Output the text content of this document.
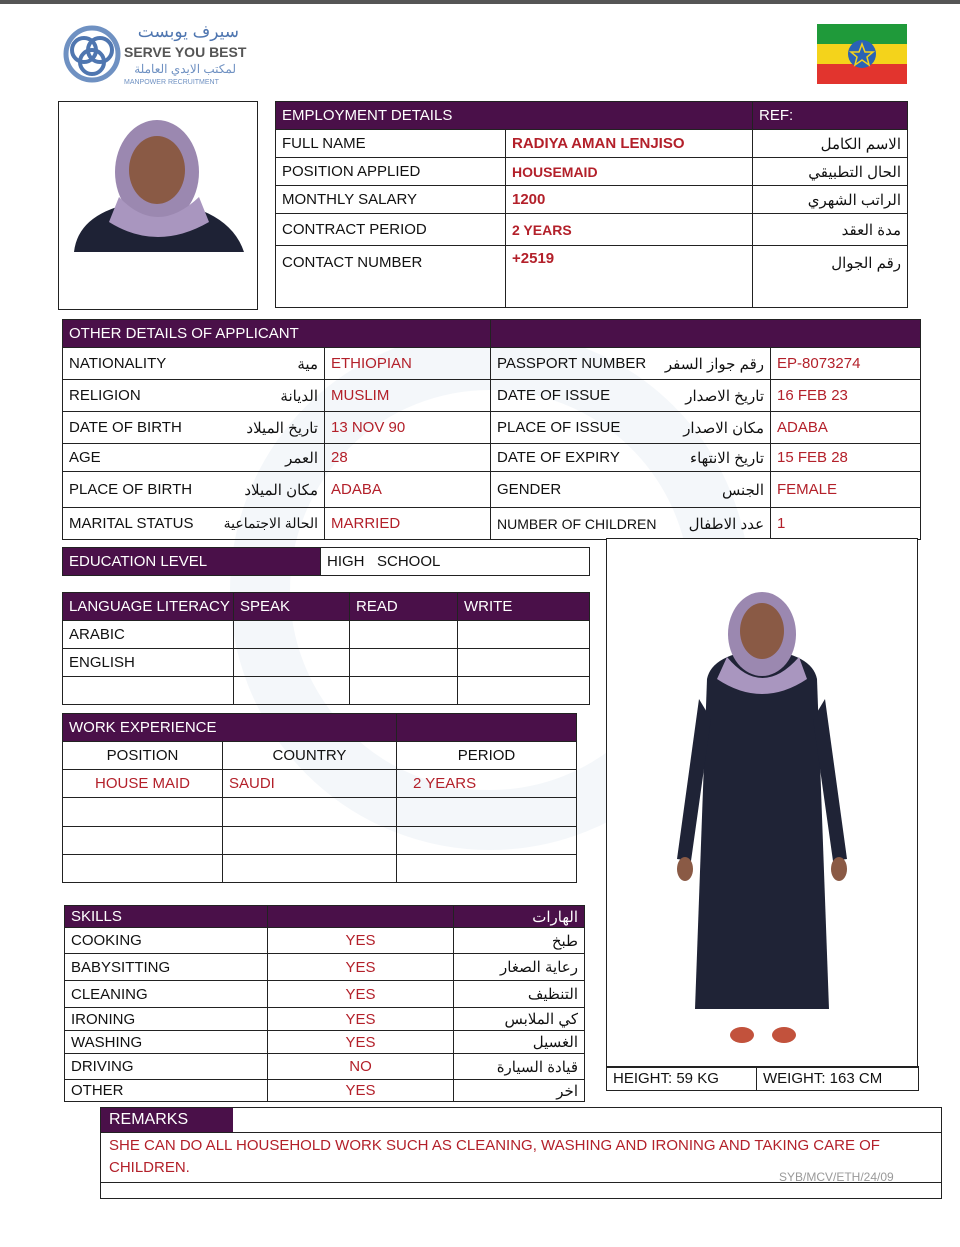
سيرف يوبست
SERVE YOU BEST
لمكتب الايدي العاملة
MANPOWER RECRUITMENT
EMPLOYMENT DETAILS		REF:
FULL NAME	RADIYA AMAN LENJISO	الاسم الكامل
POSITION APPLIED	HOUSEMAID	الحال التطبيقي
MONTHLY SALARY	1200	الراتب الشهري
CONTRACT PERIOD	2 YEARS	مدة العقد
CONTACT NUMBER	+2519	رقم الجوال
OTHER DETAILS OF APPLICANT					
NATIONALITY	مية	ETHIOPIAN	PASSPORT NUMBER	رقم جواز السفر	EP-8073274
RELIGION	الديانة	MUSLIM	DATE OF ISSUE	تاريخ الاصدار	16 FEB 23
DATE OF BIRTH	تاريخ الميلاد	13 NOV 90	PLACE OF ISSUE	مكان الاصدار	ADABA
AGE	العمر	28	DATE OF EXPIRY	تاريخ الانتهاء	15 FEB 28
PLACE OF BIRTH	مكان الميلاد	ADABA	GENDER	الجنس	FEMALE
MARITAL STATUS	الحالة الاجتماعية	MARRIED	NUMBER OF CHILDREN	عدد الاطفال	1
EDUCATION LEVEL	HIGH   SCHOOL
LANGUAGE LITERACY	SPEAK	READ	WRITE
ARABIC			
ENGLISH			

WORK EXPERIENCE		
POSITION	COUNTRY	PERIOD
HOUSE MAID	SAUDI	2 YEARS

SKILLS		الهارات
COOKING	YES	طبخ
BABYSITTING	YES	رعاية الصغار
CLEANING	YES	التنظيف
IRONING	YES	كي الملابس
WASHING	YES	الغسيل
DRIVING	NO	قيادة السيارة
OTHER	YES	اخر
HEIGHT: 59 KG	WEIGHT: 163 CM
REMARKS
SHE CAN DO ALL HOUSEHOLD WORK SUCH AS CLEANING, WASHING AND IRONING AND TAKING CARE OF CHILDREN.
SYB/MCV/ETH/24/09
